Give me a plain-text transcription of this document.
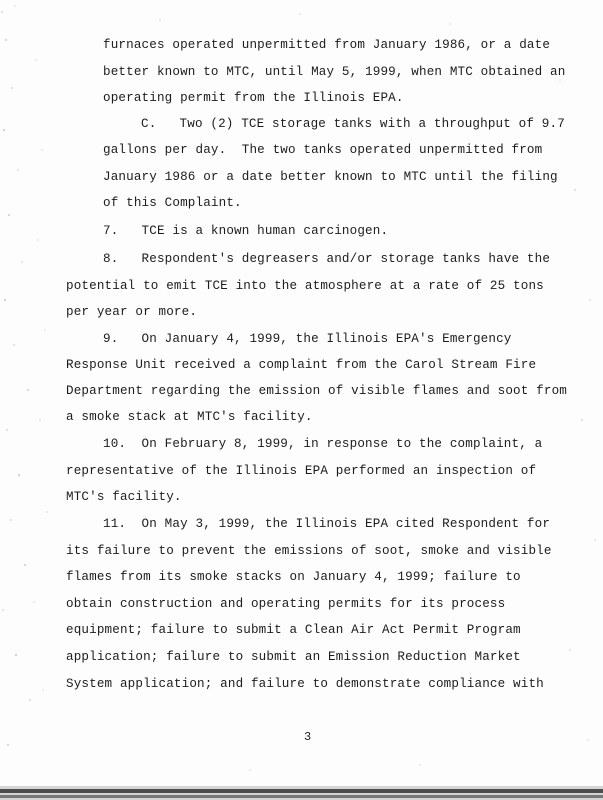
furnaces operated unpermitted from January 1986, or a date
better known to MTC, until May 5, 1999, when MTC obtained an
operating permit from the Illinois EPA.
C.   Two (2) TCE storage tanks with a throughput of 9.7
gallons per day.  The two tanks operated unpermitted from
January 1986 or a date better known to MTC until the filing
of this Complaint.
7.   TCE is a known human carcinogen.
8.   Respondent's degreasers and/or storage tanks have the
potential to emit TCE into the atmosphere at a rate of 25 tons
per year or more.
9.   On January 4, 1999, the Illinois EPA's Emergency
Response Unit received a complaint from the Carol Stream Fire
Department regarding the emission of visible flames and soot from
a smoke stack at MTC's facility.
10.  On February 8, 1999, in response to the complaint, a
representative of the Illinois EPA performed an inspection of
MTC's facility.
11.  On May 3, 1999, the Illinois EPA cited Respondent for
its failure to prevent the emissions of soot, smoke and visible
flames from its smoke stacks on January 4, 1999; failure to
obtain construction and operating permits for its process
equipment; failure to submit a Clean Air Act Permit Program
application; failure to submit an Emission Reduction Market
System application; and failure to demonstrate compliance with
3
